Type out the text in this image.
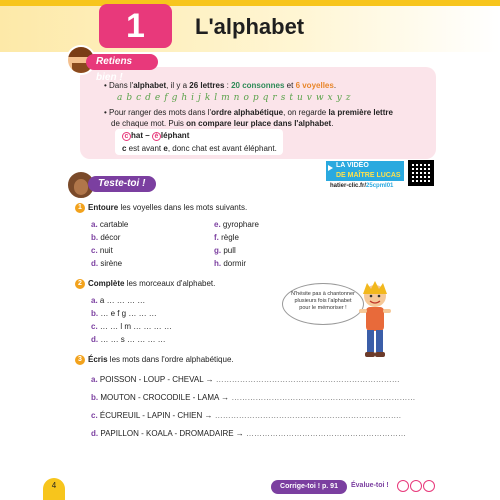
1	L'alphabet
Retiens bien !
• Dans l'alphabet, il y a 26 lettres : 20 consonnes et 6 voyelles.
abcdefghijklmnopqrstuvwxyz
• Pour ranger des mots dans l'ordre alphabétique, on regarde la première lettre
de chaque mot. Puis on compare leur place dans l'alphabet.
c hat – é léphant
c est avant e, donc chat est avant éléphant.
Teste-toi !
LA VIDÉO
DE MAÎTRE LUCAS
hatier-clic.fr/25cpmI01
1 Entoure les voyelles dans les mots suivants.
a. cartable
b. décor
c. nuit
d. sirène
e. gyrophare
f. règle
g. pull
h. dormir
2 Complète les morceaux d'alphabet.
a. a … … … …
b. … e f g … … …
c. … … l m … … … …
d. … … s … … … …
N'hésite pas à chantonner plusieurs fois l'alphabet pour le mémoriser !
3 Écris les mots dans l'ordre alphabétique.
a. POISSON - LOUP - CHEVAL → ……………………………………………………………
b. MOUTON - CROCODILE - LAMA → ……………………………………………………………
c. ÉCUREUIL - LAPIN - CHIEN → …………………………………………………………….
d. PAPILLON - KOALA - DROMADAIRE → ……………………………………………………
4	Corrige-toi ! p. 91	Évalue-toi !
